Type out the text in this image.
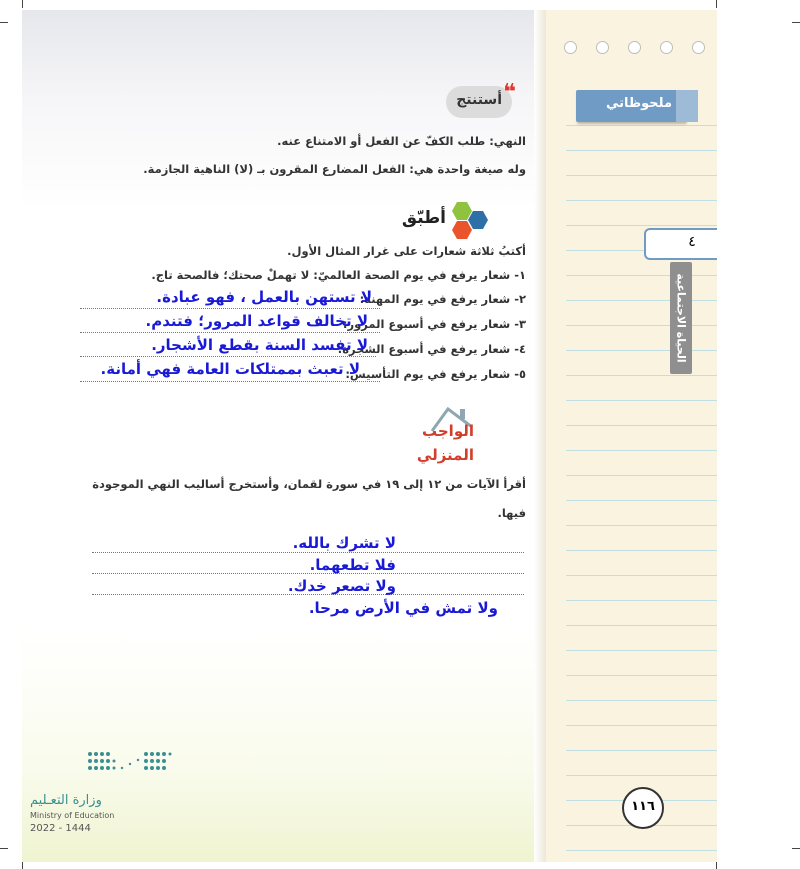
أستنتج ❝
النهي: طلب الكفّ عن الفعل أو الامتناع عنه.
وله صيغة واحدة هي: الفعل المضارع المقرون بـ (لا) الناهية الجازمة.
أطبّق
أكتبُ ثلاثة شعارات على غرار المثال الأول.
١- شعار يرفع في يوم الصحة العالميّ: لا تهملْ صحتك؛ فالصحة تاج.
٢- شعار يرفع في يوم المهنة:
لا تستهن بالعمل ، فهو عبادة.
٣- شعار يرفع في أسبوع المرور:
لا تخالف قواعد المرور؛ فتندم.
٤- شعار يرفع في أسبوع الشجرة:
لا تفسد السنة بقطع الأشجار.
٥- شعار يرفع في يوم التأسيس:
لا تعبث بممتلكات العامة فهي أمانة.
الواجب
المنزلي
أقرأ الآيات من ١٢ إلى ١٩ في سورة لقمان، وأستخرج أساليب النهي الموجودة
فيها.
لا تشرك بالله.
فلا تطعهما.
ولا تصعر خدك.
ولا تمش في الأرض مرحا.
وزارة التعـليم
Ministry of Education
2022 - 1444
ملحوظاتي
٤
الحياة الاجتماعية
١١٦
